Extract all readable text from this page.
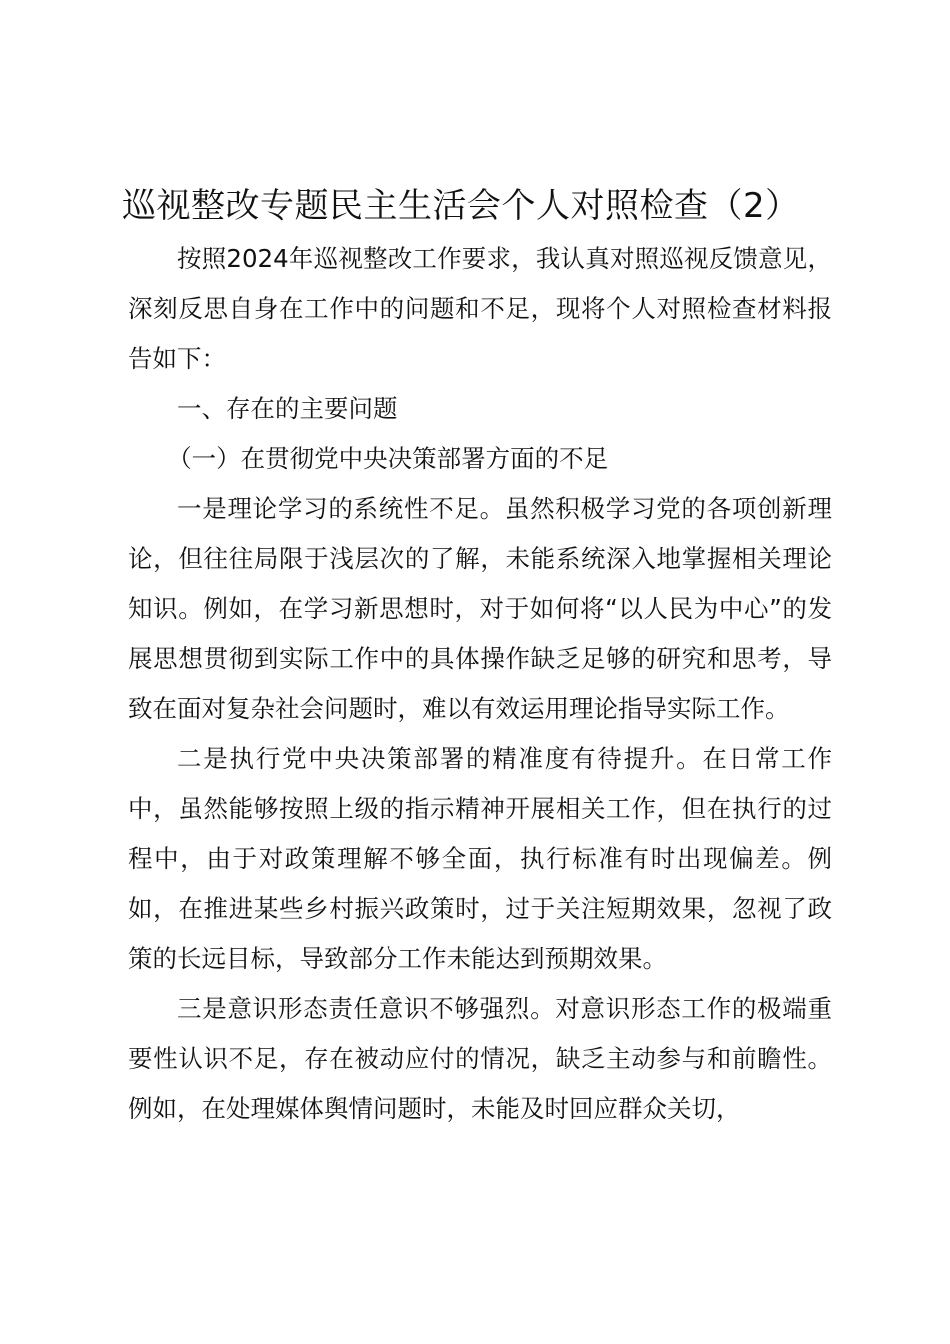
巡视整改专题民主生活会个人对照检查（2）

按照2024年巡视整改工作要求，我认真对照巡视反馈意见，深刻反思自身在工作中的问题和不足，现将个人对照检查材料报告如下：

一、存在的主要问题

（一）在贯彻党中央决策部署方面的不足

一是理论学习的系统性不足。虽然积极学习党的各项创新理论，但往往局限于浅层次的了解，未能系统深入地掌握相关理论知识。例如，在学习新思想时，对于如何将“以人民为中心”的发展思想贯彻到实际工作中的具体操作缺乏足够的研究和思考，导致在面对复杂社会问题时，难以有效运用理论指导实际工作。

二是执行党中央决策部署的精准度有待提升。在日常工作中，虽然能够按照上级的指示精神开展相关工作，但在执行的过程中，由于对政策理解不够全面，执行标准有时出现偏差。例如，在推进某些乡村振兴政策时，过于关注短期效果，忽视了政策的长远目标，导致部分工作未能达到预期效果。

三是意识形态责任意识不够强烈。对意识形态工作的极端重要性认识不足，存在被动应付的情况，缺乏主动参与和前瞻性。例如，在处理媒体舆情问题时，未能及时回应群众关切，
